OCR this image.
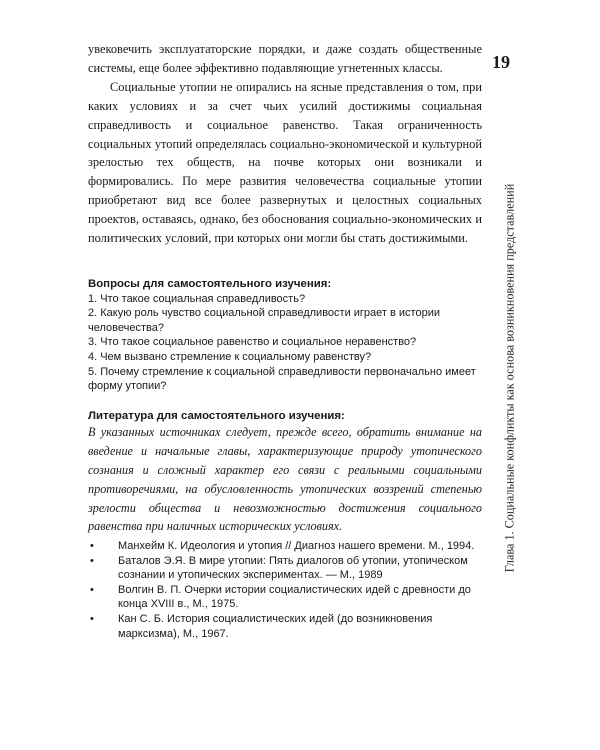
19
Глава 1. Социальные конфликты как основа возникновения представлений

увековечить эксплуататорские порядки, и даже создать общественные системы, еще более эффективно подавляющие угнетенных классы.

Социальные утопии не опирались на ясные представления о том, при каких условиях и за счет чьих усилий достижимы социальная справедливость и социальное равенство. Такая ограниченность социальных утопий определялась социально-экономической и культурной зрелостью тех обществ, на почве которых они возникали и формировались. По мере развития человечества социальные утопии приобретают вид все более развернутых и целостных социальных проектов, оставаясь, однако, без обоснования социально-экономических и политических условий, при которых они могли бы стать достижимыми.

Вопросы для самостоятельного изучения:

1. Что такое социальная справедливость?
2. Какую роль чувство социальной справедливости играет в истории человечества?
3. Что такое социальное равенство и социальное неравенство?
4. Чем вызвано стремление к социальному равенству?
5. Почему стремление к социальной справедливости первоначально имеет форму утопии?

Литература для самостоятельного изучения:

В указанных источниках следует, прежде всего, обратить внимание на введение и начальные главы, характеризующие природу утопического сознания и сложный характер его связи с реальными социальными противоречиями, на обусловленность утопических воззрений степенью зрелости общества и невозможностью достижения социального равенства при наличных исторических условиях.

• Манхейм К. Идеология и утопия // Диагноз нашего времени. М., 1994.
• Баталов Э.Я. В мире утопии: Пять диалогов об утопии, утопическом сознании и утопических экспериментах. — М., 1989
• Волгин В. П. Очерки истории социалистических идей с древности до конца XVIII в., М., 1975.
• Кан С. Б. История социалистических идей (до возникновения марксизма), М., 1967.
